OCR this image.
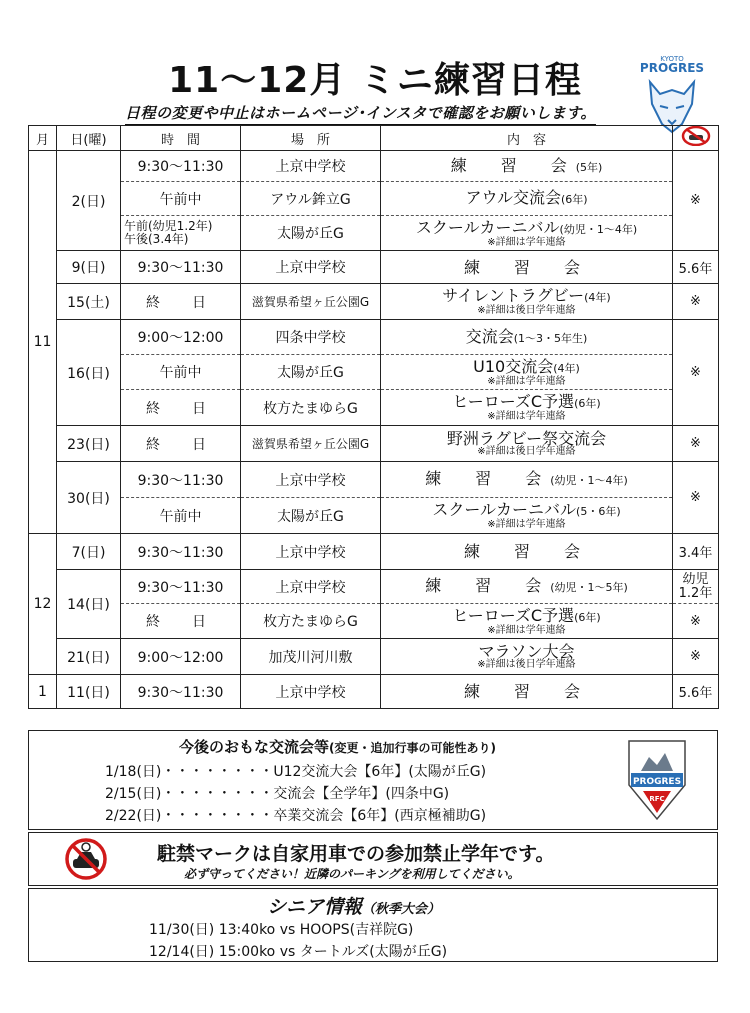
11～12月 ミニ練習日程
日程の変更や中止はホームページ･インスタで確認をお願いします。
KYOTO
PROGRES
月	日(曜)	時　間	場　所	内　容	
11	2(日)	9:30～11:30	上京中学校	練　習　会(5年)	※
		午前中	アウル鉾立G	アウル交流会(6年)	

		午前(幼児1.2年)
午後(3.4年)	太陽が丘G	スクールカーニバル(幼児・1～4年)
※詳細は学年連絡	

	9(日)	9:30～11:30	上京中学校	練　習　会	5.6年
	15(土)	終　日	滋賀県希望ヶ丘公園G	サイレントラグビー(4年)
※詳細は後日学年連絡	※
	16(日)	9:00～12:00	四条中学校	交流会(1～3・5年生)	※
		午前中	太陽が丘G	U10交流会(4年)
※詳細は学年連絡	

		終　日	枚方たまゆらG	ヒーローズC予選(6年)
※詳細は学年連絡	

	23(日)	終　日	滋賀県希望ヶ丘公園G	野洲ラグビー祭交流会
※詳細は後日学年連絡	※
	30(日)	9:30～11:30	上京中学校	練　習　会(幼児・1～4年)	※
		午前中	太陽が丘G	スクールカーニバル(5・6年)
※詳細は学年連絡	

12	7(日)	9:30～11:30	上京中学校	練　習　会	3.4年
	14(日)	9:30～11:30	上京中学校	練　習　会(幼児・1～5年)	幼児
1.2年

		終　日	枚方たまゆらG	ヒーローズC予選(6年)
※詳細は学年連絡	※
	21(日)	9:00～12:00	加茂川河川敷	マラソン大会
※詳細は後日学年連絡	※
1	11(日)	9:30～11:30	上京中学校	練　習　会	5.6年
今後のおもな交流会等(変更・追加行事の可能性あり)
1/18(日)・・・・・・・・U12交流大会【6年】(太陽が丘G)
2/15(日)・・・・・・・・交流会【全学年】(四条中G)
2/22(日)・・・・・・・・卒業交流会【6年】(西京極補助G)
PROGRES
RFC
駐禁マークは自家用車での参加禁止学年です。
必ず守ってください！近隣のパーキングを利用してください。
シニア情報（秋季大会）
11/30(日) 13:40ko vs HOOPS(吉祥院G)
12/14(日) 15:00ko vs タートルズ(太陽が丘G)
